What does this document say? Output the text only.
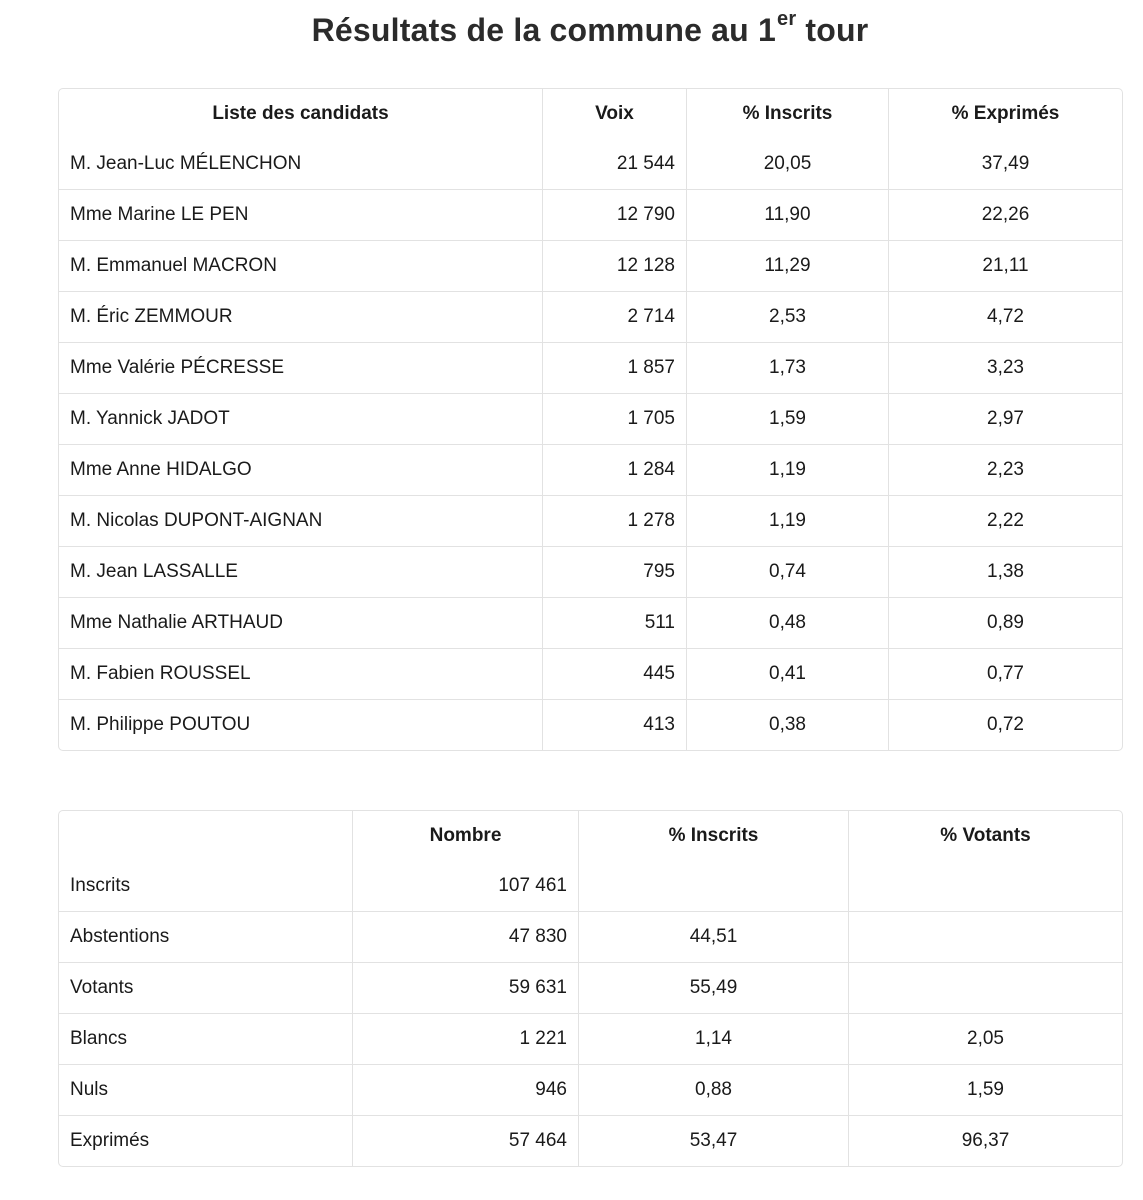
Résultats de la commune au 1er tour
Liste des candidats	Voix	% Inscrits	% Exprimés
M. Jean-Luc MÉLENCHON	21 544	20,05	37,49
Mme Marine LE PEN	12 790	11,90	22,26
M. Emmanuel MACRON	12 128	11,29	21,11
M. Éric ZEMMOUR	2 714	2,53	4,72
Mme Valérie PÉCRESSE	1 857	1,73	3,23
M. Yannick JADOT	1 705	1,59	2,97
Mme Anne HIDALGO	1 284	1,19	2,23
M. Nicolas DUPONT-AIGNAN	1 278	1,19	2,22
M. Jean LASSALLE	795	0,74	1,38
Mme Nathalie ARTHAUD	511	0,48	0,89
M. Fabien ROUSSEL	445	0,41	0,77
M. Philippe POUTOU	413	0,38	0,72
	Nombre	% Inscrits	% Votants
Inscrits	107 461		
Abstentions	47 830	44,51	
Votants	59 631	55,49	
Blancs	1 221	1,14	2,05
Nuls	946	0,88	1,59
Exprimés	57 464	53,47	96,37
